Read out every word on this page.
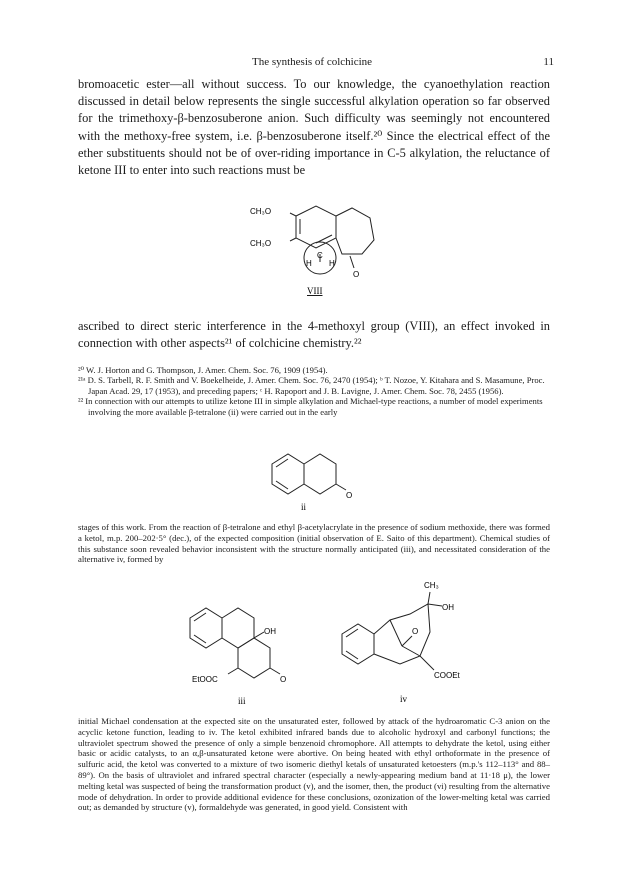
The synthesis of colchicine	11

bromoacetic ester—all without success. To our knowledge, the cyanoethylation reaction discussed in detail below represents the single successful alkylation operation so far observed for the trimethoxy-β-benzosuberone anion. Such difficulty was seemingly not encountered with the methoxy-free system, i.e. β-benzosuberone itself.²⁰ Since the electrical effect of the ether substituents should not be of over-riding importance in C-5 alkylation, the reluctance of ketone III to enter into such reactions must be

CH₃O
CH₃O
H
C
H
O
VIII

ascribed to direct steric interference in the 4-methoxyl group (VIII), an effect invoked in connection with other aspects²¹ of colchicine chemistry.²²

²⁰ W. J. Horton and G. Thompson, J. Amer. Chem. Soc. 76, 1909 (1954).

²¹ᵃ D. S. Tarbell, R. F. Smith and V. Boekelheide, J. Amer. Chem. Soc. 76, 2470 (1954); ᵇ T. Nozoe, Y. Kitahara and S. Masamune, Proc. Japan Acad. 29, 17 (1953), and preceding papers; ᶜ H. Rapoport and J. B. Lavigne, J. Amer. Chem. Soc. 78, 2455 (1956).

²² In connection with our attempts to utilize ketone III in simple alkylation and Michael-type reactions, a number of model experiments involving the more available β-tetralone (ii) were carried out in the early

O
ii

stages of this work. From the reaction of β-tetralone and ethyl β-acetylacrylate in the presence of sodium methoxide, there was formed a ketol, m.p. 200–202·5° (dec.), of the expected composition (initial observation of E. Saito of this department). Chemical studies of this substance soon revealed behavior inconsistent with the structure normally anticipated (iii), and necessitated consideration of the alternative iv, formed by

OH
EtOOC	O
iii
CH₃
OH
O
COOEt
iv

initial Michael condensation at the expected site on the unsaturated ester, followed by attack of the hydroaromatic C-3 anion on the acyclic ketone function, leading to iv. The ketol exhibited infrared bands due to alcoholic hydroxyl and carbonyl functions; the ultraviolet spectrum showed the presence of only a simple benzenoid chromophore. All attempts to dehydrate the ketol, using either basic or acidic catalysts, to an α,β-unsaturated ketone were abortive. On being heated with ethyl orthoformate in the presence of sulfuric acid, the ketol was converted to a mixture of two isomeric diethyl ketals of unsaturated ketoesters (m.p.'s 112–113° and 88–89°). On the basis of ultraviolet and infrared spectral character (especially a newly-appearing medium band at 11·18 μ), the lower melting ketal was suspected of being the transformation product (v), and the isomer, then, the product (vi) resulting from the alternative mode of dehydration. In order to provide additional evidence for these conclusions, ozonization of the lower-melting ketal was carried out; as demanded by structure (v), formaldehyde was generated, in good yield. Consistent with
